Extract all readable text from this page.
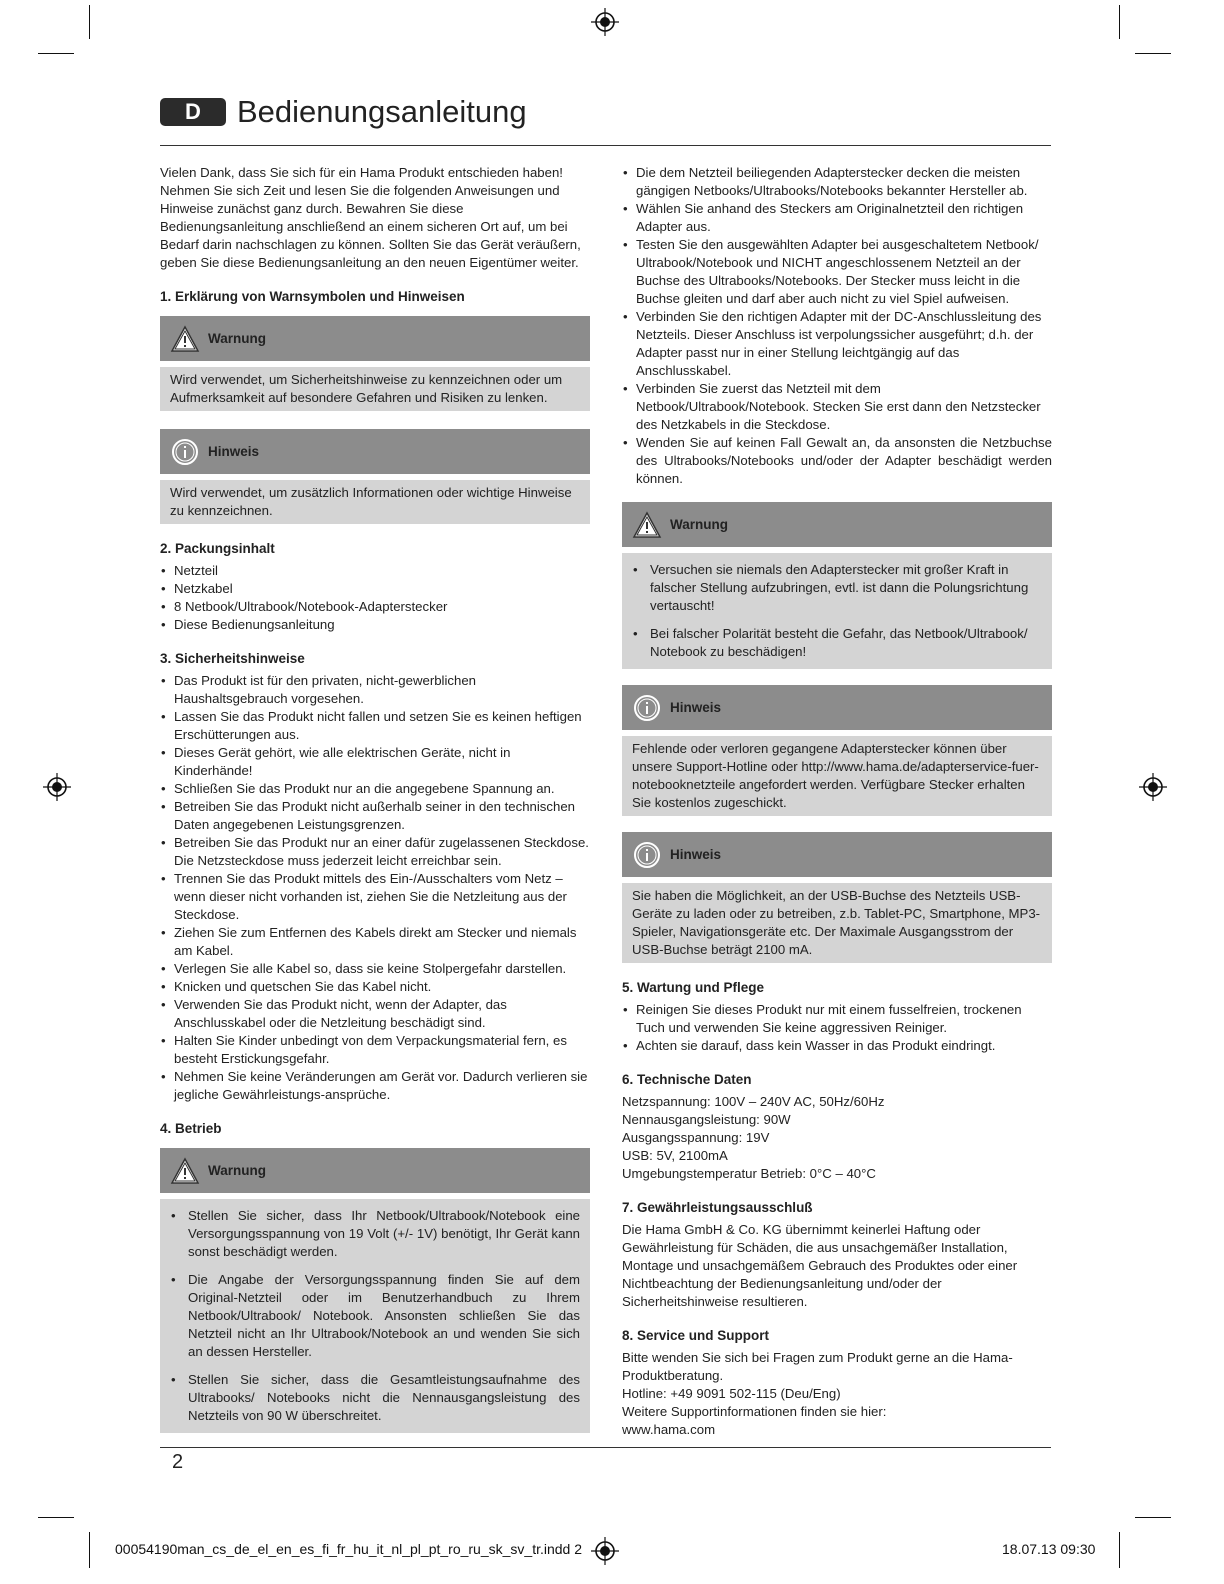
D	Bedienungsanleitung

Vielen Dank, dass Sie sich für ein Hama Produkt entschieden haben! Nehmen Sie sich Zeit und lesen Sie die folgenden Anweisungen und Hinweise zunächst ganz durch. Bewahren Sie diese Bedienungsanleitung anschließend an einem sicheren Ort auf, um bei Bedarf darin nachschlagen zu können. Sollten Sie das Gerät veräußern, geben Sie diese Bedienungsanleitung an den neuen Eigentümer weiter.

1. Erklärung von Warnsymbolen und Hinweisen
Warnung

Wird verwendet, um Sicherheitshinweise zu kennzeichnen oder um Aufmerksamkeit auf besondere Gefahren und Risiken zu lenken.

Hinweis

Wird verwendet, um zusätzlich Informationen oder wichtige Hinweise zu kennzeichnen.

2. Packungsinhalt
• Netzteil
• Netzkabel
• 8 Netbook/Ultrabook/Notebook-Adapterstecker
• Diese Bedienungsanleitung
3. Sicherheitshinweise
• Das Produkt ist für den privaten, nicht-gewerblichen Haushaltsgebrauch vorgesehen.
• Lassen Sie das Produkt nicht fallen und setzen Sie es keinen heftigen Erschütterungen aus.
• Dieses Gerät gehört, wie alle elektrischen Geräte, nicht in Kinderhände!
• Schließen Sie das Produkt nur an die angegebene Spannung an.
• Betreiben Sie das Produkt nicht außerhalb seiner in den technischen Daten angegebenen Leistungsgrenzen.
• Betreiben Sie das Produkt nur an einer dafür zugelassenen Steckdose. Die Netzsteckdose muss jederzeit leicht erreichbar sein.
• Trennen Sie das Produkt mittels des Ein-/Ausschalters vom Netz – wenn dieser nicht vorhanden ist, ziehen Sie die Netzleitung aus der Steckdose.
• Ziehen Sie zum Entfernen des Kabels direkt am Stecker und niemals am Kabel.
• Verlegen Sie alle Kabel so, dass sie keine Stolpergefahr darstellen.
• Knicken und quetschen Sie das Kabel nicht.
• Verwenden Sie das Produkt nicht, wenn der Adapter, das Anschlusskabel oder die Netzleitung beschädigt sind.
• Halten Sie Kinder unbedingt von dem Verpackungsmaterial fern, es besteht Erstickungsgefahr.
• Nehmen Sie keine Veränderungen am Gerät vor. Dadurch verlieren sie jegliche Gewährleistungs-ansprüche.
4. Betrieb
Warnung
• Stellen Sie sicher, dass Ihr Netbook/Ultrabook/Notebook eine Versorgungsspannung von 19 Volt (+/- 1V) benötigt, Ihr Gerät kann sonst beschädigt werden.
• Die Angabe der Versorgungsspannung finden Sie auf dem Original-Netzteil oder im Benutzerhandbuch zu Ihrem Netbook/Ultrabook/ Notebook. Ansonsten schließen Sie das Netzteil nicht an Ihr Ultrabook/Notebook an und wenden Sie sich an dessen Hersteller.
• Stellen Sie sicher, dass die Gesamtleistungsaufnahme des Ultrabooks/ Notebooks nicht die Nennausgangsleistung des Netzteils von 90 W überschreitet.
• Die dem Netzteil beiliegenden Adapterstecker decken die meisten gängigen Netbooks/Ultrabooks/Notebooks bekannter Hersteller ab.
• Wählen Sie anhand des Steckers am Originalnetzteil den richtigen Adapter aus.
• Testen Sie den ausgewählten Adapter bei ausgeschaltetem Netbook/ Ultrabook/Notebook und NICHT angeschlossenem Netzteil an der Buchse des Ultrabooks/Notebooks. Der Stecker muss leicht in die Buchse gleiten und darf aber auch nicht zu viel Spiel aufweisen.
• Verbinden Sie den richtigen Adapter mit der DC-Anschlussleitung des Netzteils. Dieser Anschluss ist verpolungssicher ausgeführt; d.h. der Adapter passt nur in einer Stellung leichtgängig auf das Anschlusskabel.
• Verbinden Sie zuerst das Netzteil mit dem Netbook/Ultrabook/Notebook. Stecken Sie erst dann den Netzstecker des Netzkabels in die Steckdose.
• Wenden Sie auf keinen Fall Gewalt an, da ansonsten die Netzbuchse des Ultrabooks/Notebooks und/oder der Adapter beschädigt werden können.
Warnung
• Versuchen sie niemals den Adapterstecker mit großer Kraft in falscher Stellung aufzubringen, evtl. ist dann die Polungsrichtung vertauscht!
• Bei falscher Polarität besteht die Gefahr, das Netbook/Ultrabook/ Notebook zu beschädigen!
Hinweis

Fehlende oder verloren gegangene Adapterstecker können über unsere Support-Hotline oder http://www.hama.de/adapterservice-fuer-notebooknetzteile angefordert werden. Verfügbare Stecker erhalten Sie kostenlos zugeschickt.

Hinweis

Sie haben die Möglichkeit, an der USB-Buchse des Netzteils USB-Geräte zu laden oder zu betreiben, z.b. Tablet-PC, Smartphone, MP3-Spieler, Navigationsgeräte etc. Der Maximale Ausgangsstrom der USB-Buchse beträgt 2100 mA.

5. Wartung und Pflege
• Reinigen Sie dieses Produkt nur mit einem fusselfreien, trockenen Tuch und verwenden Sie keine aggressiven Reiniger.
• Achten sie darauf, dass kein Wasser in das Produkt eindringt.
6. Technische Daten

Netzspannung: 100V – 240V AC, 50Hz/60Hz

Nennausgangsleistung: 90W

Ausgangsspannung: 19V

USB: 5V, 2100mA

Umgebungstemperatur Betrieb: 0°C – 40°C

7. Gewährleistungsausschluß

Die Hama GmbH & Co. KG übernimmt keinerlei Haftung oder Gewährleistung für Schäden, die aus unsachgemäßer Installation, Montage und unsachgemäßem Gebrauch des Produktes oder einer Nichtbeachtung der Bedienungsanleitung und/oder der Sicherheitshinweise resultieren.

8. Service und Support

Bitte wenden Sie sich bei Fragen zum Produkt gerne an die Hama-Produktberatung.

Hotline: +49 9091 502-115 (Deu/Eng)

Weitere Supportinformationen finden sie hier:

www.hama.com

2
00054190man_cs_de_el_en_es_fi_fr_hu_it_nl_pl_pt_ro_ru_sk_sv_tr.indd 2	18.07.13 09:30
